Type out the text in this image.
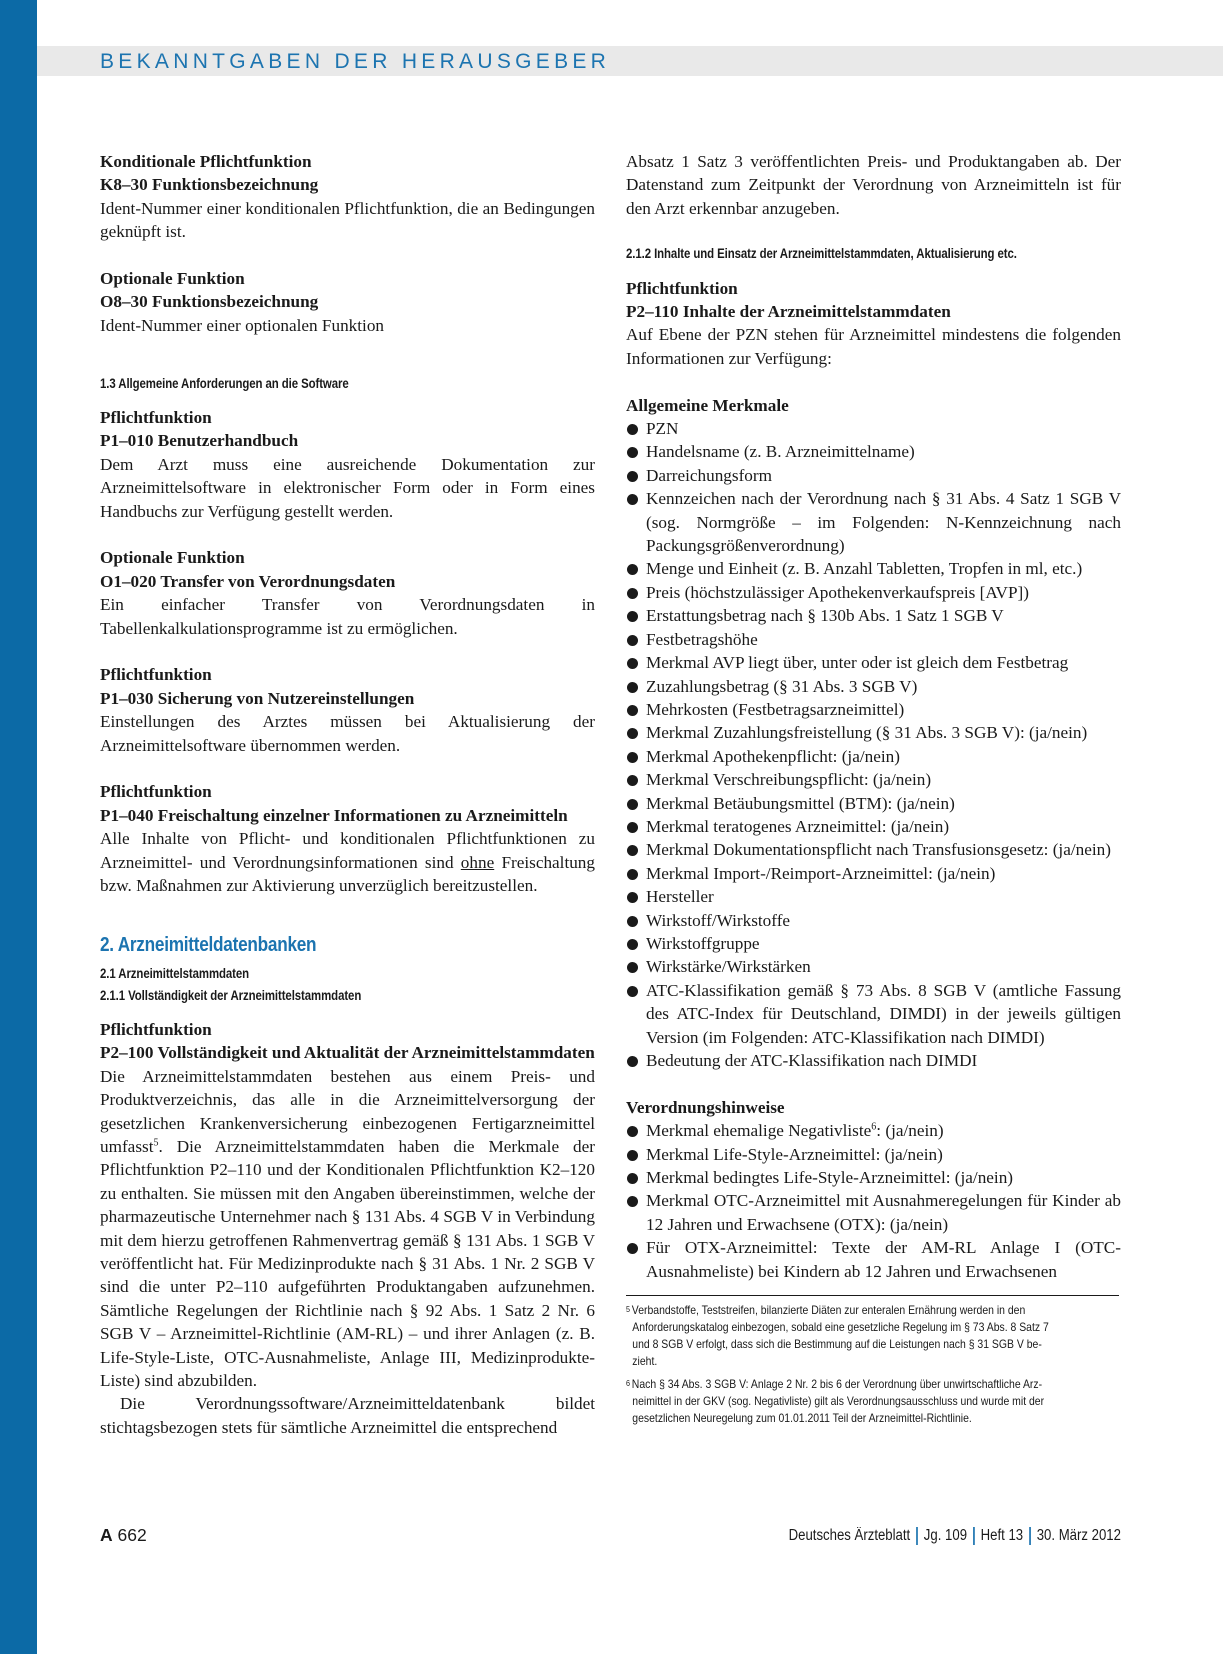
BEKANNTGABEN DER HERAUSGEBER

Konditionale Pflichtfunktion

K8–30 Funktionsbezeichnung

Ident-Nummer einer konditionalen Pflichtfunktion, die an Bedingungen geknüpft ist.

Optionale Funktion

O8–30 Funktionsbezeichnung

Ident-Nummer einer optionalen Funktion

1.3 Allgemeine Anforderungen an die Software

Pflichtfunktion

P1–010 Benutzerhandbuch

Dem Arzt muss eine ausreichende Dokumentation zur Arzneimittelsoftware in elektronischer Form oder in Form eines Handbuchs zur Verfügung gestellt werden.

Optionale Funktion

O1–020 Transfer von Verordnungsdaten

Ein einfacher Transfer von Verordnungsdaten in Tabellenkalkulationsprogramme ist zu ermöglichen.

Pflichtfunktion

P1–030 Sicherung von Nutzereinstellungen

Einstellungen des Arztes müssen bei Aktualisierung der Arzneimittelsoftware übernommen werden.

Pflichtfunktion

P1–040 Freischaltung einzelner Informationen zu Arzneimitteln

Alle Inhalte von Pflicht- und konditionalen Pflichtfunktionen zu Arzneimittel- und Verordnungsinformationen sind ohne Freischaltung bzw. Maßnahmen zur Aktivierung unverzüglich bereitzustellen.

2. Arzneimitteldatenbanken

2.1 Arzneimittelstammdaten

2.1.1 Vollständigkeit der Arzneimittelstammdaten

Pflichtfunktion

P2–100 Vollständigkeit und Aktualität der Arzneimittelstammdaten

Die Arzneimittelstammdaten bestehen aus einem Preis- und Produktverzeichnis, das alle in die Arzneimittelversorgung der gesetzlichen Krankenversicherung einbezogenen Fertigarzneimittel umfasst$^5$. Die Arzneimittelstammdaten haben die Merkmale der Pflichtfunktion P2–110 und der Konditionalen Pflichtfunktion K2–120 zu enthalten. Sie müssen mit den Angaben übereinstimmen, welche der pharmazeutische Unternehmer nach § 131 Abs. 4 SGB V in Verbindung mit dem hierzu getroffenen Rahmenvertrag gemäß § 131 Abs. 1 SGB V veröffentlicht hat. Für Medizinprodukte nach § 31 Abs. 1 Nr. 2 SGB V sind die unter P2–110 aufgeführten Produktangaben aufzunehmen. Sämtliche Regelungen der Richtlinie nach § 92 Abs. 1 Satz 2 Nr. 6 SGB V – Arzneimittel-Richtlinie (AM-RL) – und ihrer Anlagen (z. B. Life-Style-Liste, OTC-Ausnahmeliste, Anlage III, Medizinprodukte-Liste) sind abzubilden.

Die Verordnungssoftware/Arzneimitteldatenbank bildet stichtagsbezogen stets für sämtliche Arzneimittel die entsprechend

Absatz 1 Satz 3 veröffentlichten Preis- und Produktangaben ab. Der Datenstand zum Zeitpunkt der Verordnung von Arzneimitteln ist für den Arzt erkennbar anzugeben.

2.1.2 Inhalte und Einsatz der Arzneimittelstammdaten, Aktualisierung etc.

Pflichtfunktion

P2–110 Inhalte der Arzneimittelstammdaten

Auf Ebene der PZN stehen für Arzneimittel mindestens die folgenden Informationen zur Verfügung:

Allgemeine Merkmale

PZN
Handelsname (z. B. Arzneimittelname)
Darreichungsform
Kennzeichen nach der Verordnung nach § 31 Abs. 4 Satz 1 SGB V (sog. Normgröße – im Folgenden: N-Kennzeichnung nach Packungsgrößenverordnung)
Menge und Einheit (z. B. Anzahl Tabletten, Tropfen in ml, etc.)
Preis (höchstzulässiger Apothekenverkaufspreis [AVP])
Erstattungsbetrag nach § 130b Abs. 1 Satz 1 SGB V
Festbetragshöhe
Merkmal AVP liegt über, unter oder ist gleich dem Festbetrag
Zuzahlungsbetrag (§ 31 Abs. 3 SGB V)
Mehrkosten (Festbetragsarzneimittel)
Merkmal Zuzahlungsfreistellung (§ 31 Abs. 3 SGB V): (ja/nein)
Merkmal Apothekenpflicht: (ja/nein)
Merkmal Verschreibungspflicht: (ja/nein)
Merkmal Betäubungsmittel (BTM): (ja/nein)
Merkmal teratogenes Arzneimittel: (ja/nein)
Merkmal Dokumentationspflicht nach Transfusionsgesetz: (ja/nein)
Merkmal Import-/Reimport-Arzneimittel: (ja/nein)
Hersteller
Wirkstoff/Wirkstoffe
Wirkstoffgruppe
Wirkstärke/Wirkstärken
ATC-Klassifikation gemäß § 73 Abs. 8 SGB V (amtliche Fassung des ATC-Index für Deutschland, DIMDI) in der jeweils gültigen Version (im Folgenden: ATC-Klassifikation nach DIMDI)
Bedeutung der ATC-Klassifikation nach DIMDI

Verordnungshinweise

Merkmal ehemalige Negativliste$^6$: (ja/nein)
Merkmal Life-Style-Arzneimittel: (ja/nein)
Merkmal bedingtes Life-Style-Arzneimittel: (ja/nein)
Merkmal OTC-Arzneimittel mit Ausnahmeregelungen für Kinder ab 12 Jahren und Erwachsene (OTX): (ja/nein)
Für OTX-Arzneimittel: Texte der AM-RL Anlage I (OTC-Ausnahmeliste) bei Kindern ab 12 Jahren und Erwachsenen
$^5$ Verbandstoffe, Teststreifen, bilanzierte Diäten zur enteralen Ernährung werden in den
Anforderungskatalog einbezogen, sobald eine gesetzliche Regelung im § 73 Abs. 8 Satz 7
und 8 SGB V erfolgt, dass sich die Bestimmung auf die Leistungen nach § 31 SGB V be-
zieht.
$^6$ Nach § 34 Abs. 3 SGB V: Anlage 2 Nr. 2 bis 6 der Verordnung über unwirtschaftliche Arz-
neimittel in der GKV (sog. Negativliste) gilt als Verordnungsausschluss und wurde mit der
gesetzlichen Neuregelung zum 01.01.2011 Teil der Arzneimittel-Richtlinie.
A 662	Deutsches Ärzteblatt Jg. 109 Heft 13 30. März 2012
